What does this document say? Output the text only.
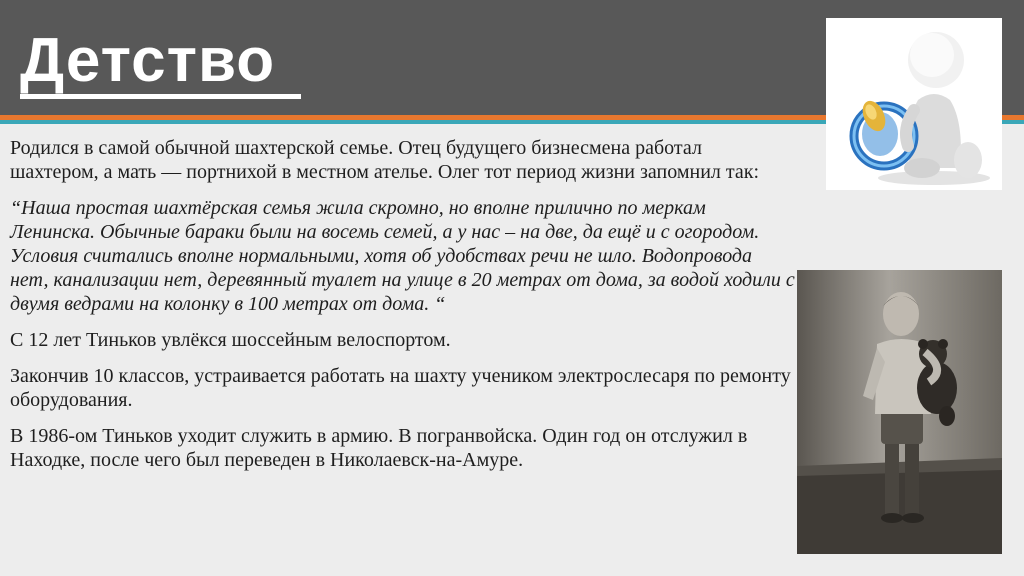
Детство

Родился в самой обычной шахтерской семье. Отец будущего бизнесмена работал шахтером, а мать — портнихой в местном ателье. Олег тот период жизни запомнил так:

“Наша простая шахтёрская семья жила скромно, но вполне прилично по меркам Ленинска. Обычные бараки были на восемь семей, а у нас – на две, да ещё и с огородом. Условия считались вполне нормальными, хотя об удобствах речи не шло. Водопровода нет, канализации нет, деревянный туалет на улице в 20 метрах от дома, за водой ходили с двумя ведрами на колонку в 100 метрах от дома. “

С 12 лет Тиньков увлёкся шоссейным велоспортом.

Закончив 10 классов, устраивается работать на шахту учеником электрослесаря по ремонту оборудования.

В 1986-ом Тиньков уходит служить в армию. В погранвойска. Один год он отслужил в Находке, после чего был переведен в Николаевск-на-Амуре.
